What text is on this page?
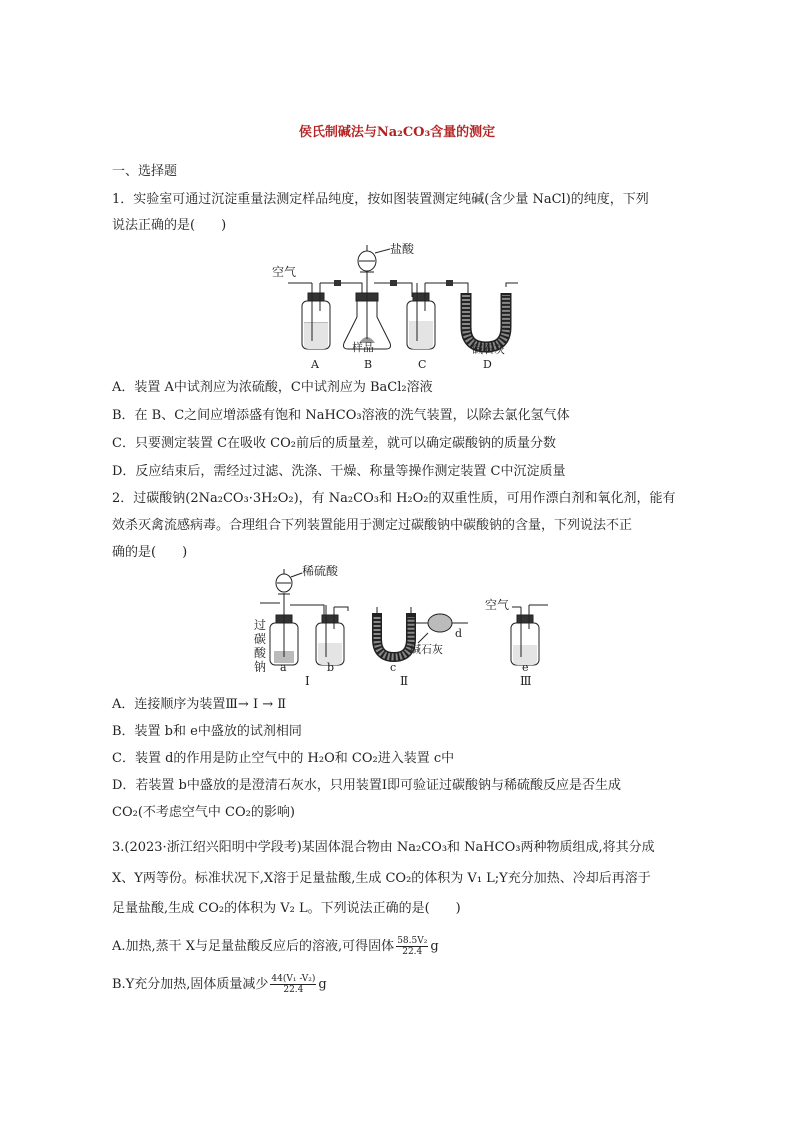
侯氏制碱法与Na₂CO₃含量的测定
一、选择题
1．实验室可通过沉淀重量法测定样品纯度，按如图装置测定纯碱(含少量 NaCl)的纯度，下列
说法正确的是(　　)
空气
盐酸
样品	碱石灰
A	B	C	D
A．装置 A中试剂应为浓硫酸，C中试剂应为 BaCl₂溶液
B．在 B、C之间应增添盛有饱和 NaHCO₃溶液的洗气装置，以除去氯化氢气体
C．只要测定装置 C在吸收 CO₂前后的质量差，就可以确定碳酸钠的质量分数
D．反应结束后，需经过过滤、洗涤、干燥、称量等操作测定装置 C中沉淀质量
2．过碳酸钠(2Na₂CO₃·3H₂O₂)，有 Na₂CO₃和 H₂O₂的双重性质，可用作漂白剂和氧化剂，能有
效杀灭禽流感病毒。合理组合下列装置能用于测定过碳酸钠中碳酸钠的含量，下列说法不正
确的是(　　)
稀硫酸
空气
过
碳
酸
钠
碱石灰
a	b	c
d
e
Ⅰ	Ⅱ	Ⅲ
A．连接顺序为装置Ⅲ→ Ⅰ → Ⅱ
B．装置 b和 e中盛放的试剂相同
C．装置 d的作用是防止空气中的 H₂O和 CO₂进入装置 c中
D．若装置 b中盛放的是澄清石灰水，只用装置Ⅰ即可验证过碳酸钠与稀硫酸反应是否生成
CO₂(不考虑空气中 CO₂的影响)
3.(2023·浙江绍兴阳明中学段考)某固体混合物由 Na₂CO₃和 NaHCO₃两种物质组成,将其分成
X、Y两等份。标准状况下,X溶于足量盐酸,生成 CO₂的体积为 V₁ L;Y充分加热、冷却后再溶于
足量盐酸,生成 CO₂的体积为 V₂ L。下列说法正确的是(　　)
A.加热,蒸干 X与足量盐酸反应后的溶液,可得固体 $\frac{\text{58.5V₂}}{22.4}$ g
B.Y充分加热,固体质量减少 $\frac{\text{44(V₁ -V₂)}}{22.4}$ g
